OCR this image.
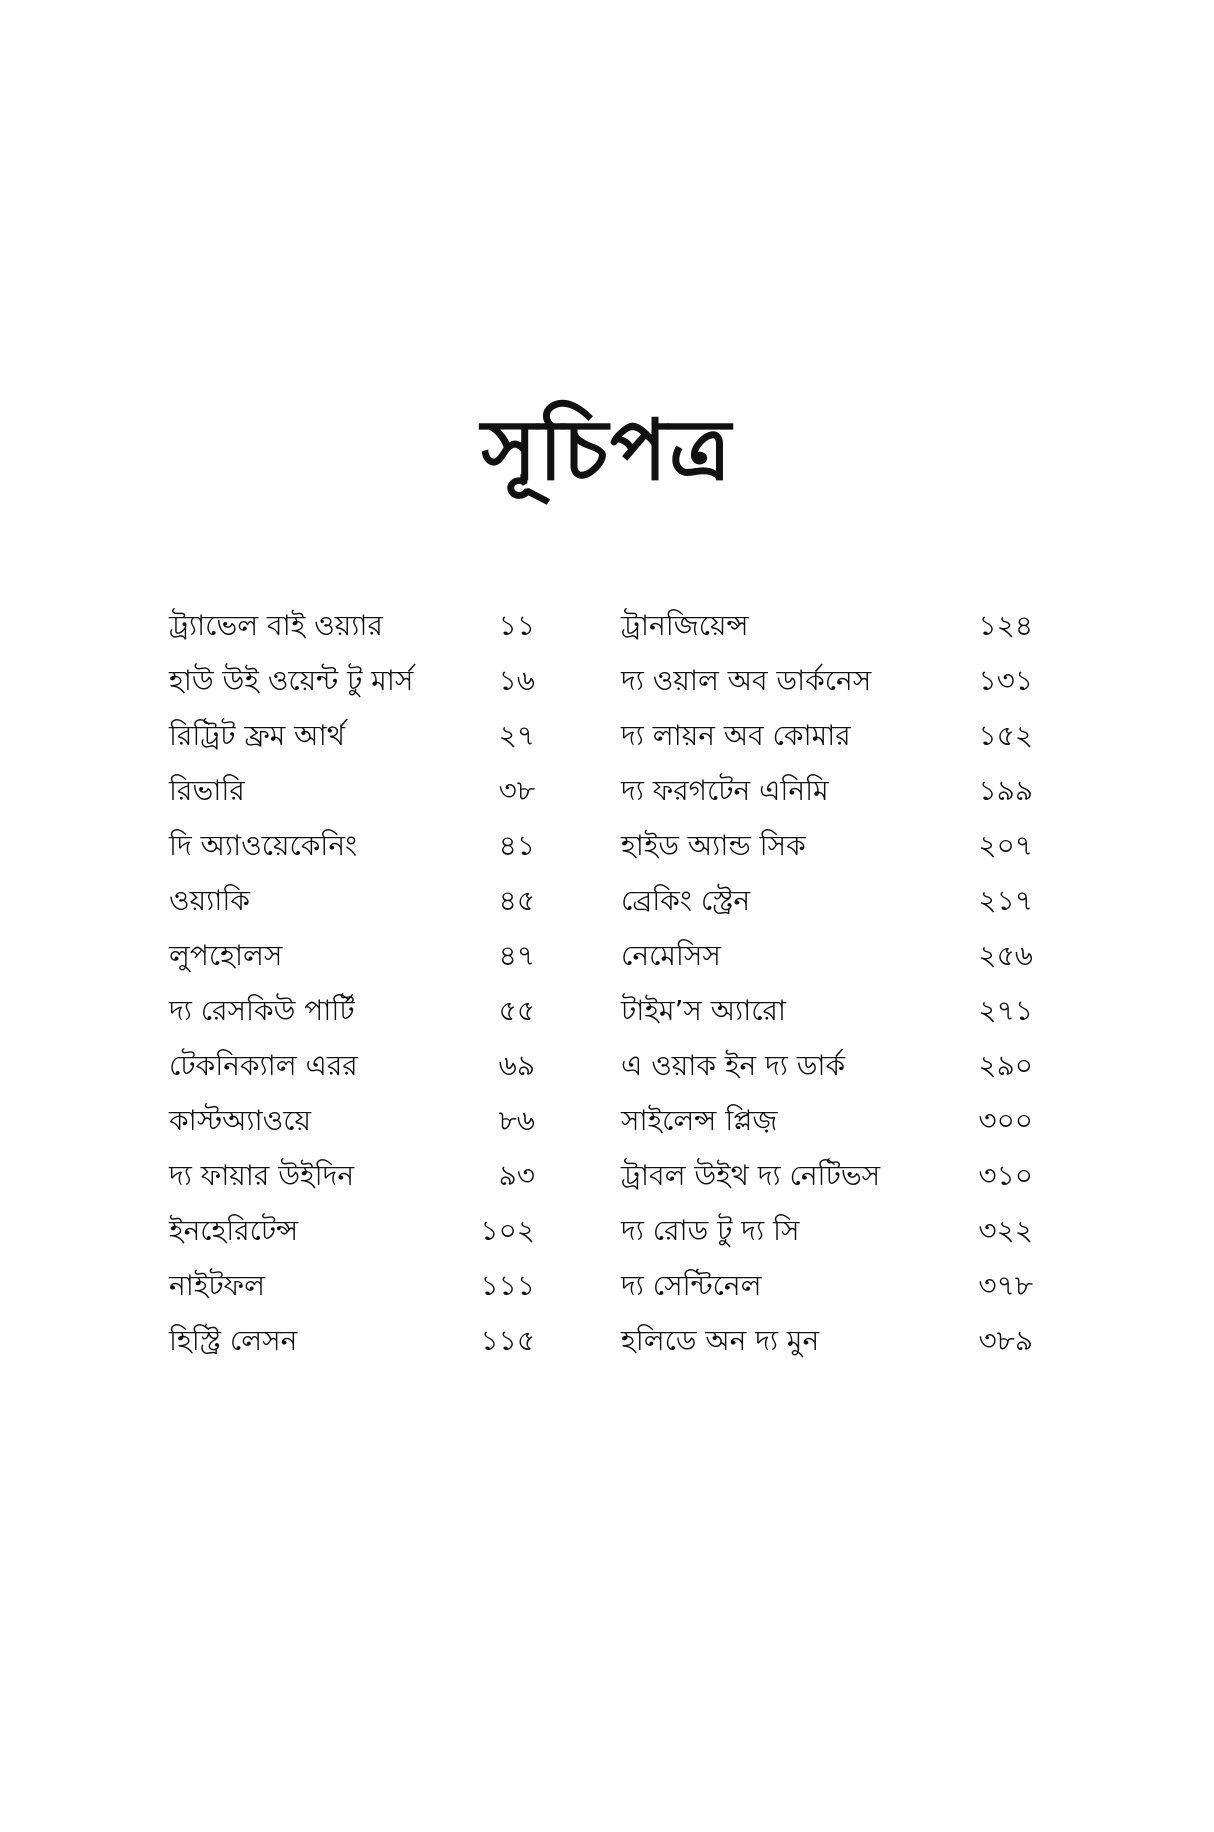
সূচিপত্র
ট্র্যাভেল বাই ওয়্যার	১১
হাউ উই ওয়েন্ট টু মার্স	১৬
রিট্রিট ফ্রম আর্থ	২৭
রিভারি	৩৮
দি অ্যাওয়েকেনিং	৪১
ওয়্যাকি	৪৫
লুপহোলস	৪৭
দ্য রেসকিউ পার্টি	৫৫
টেকনিক্যাল এরর	৬৯
কাস্টঅ্যাওয়ে	৮৬
দ্য ফায়ার উইদিন	৯৩
ইনহেরিটেন্স	১০২
নাইটফল	১১১
হিস্ট্রি লেসন	১১৫
ট্রানজিয়েন্স	১২৪
দ্য ওয়াল অব ডার্কনেস	১৩১
দ্য লায়ন অব কোমার	১৫২
দ্য ফরগটেন এনিমি	১৯৯
হাইড অ্যান্ড সিক	২০৭
ব্রেকিং স্ট্রেন	২১৭
নেমেসিস	২৫৬
টাইম’স অ্যারো	২৭১
এ ওয়াক ইন দ্য ডার্ক	২৯০
সাইলেন্স প্লিজ়	৩০০
ট্রাবল উইথ দ্য নেটিভস	৩১০
দ্য রোড টু দ্য সি	৩২২
দ্য সেন্টিনেল	৩৭৮
হলিডে অন দ্য মুন	৩৮৯
